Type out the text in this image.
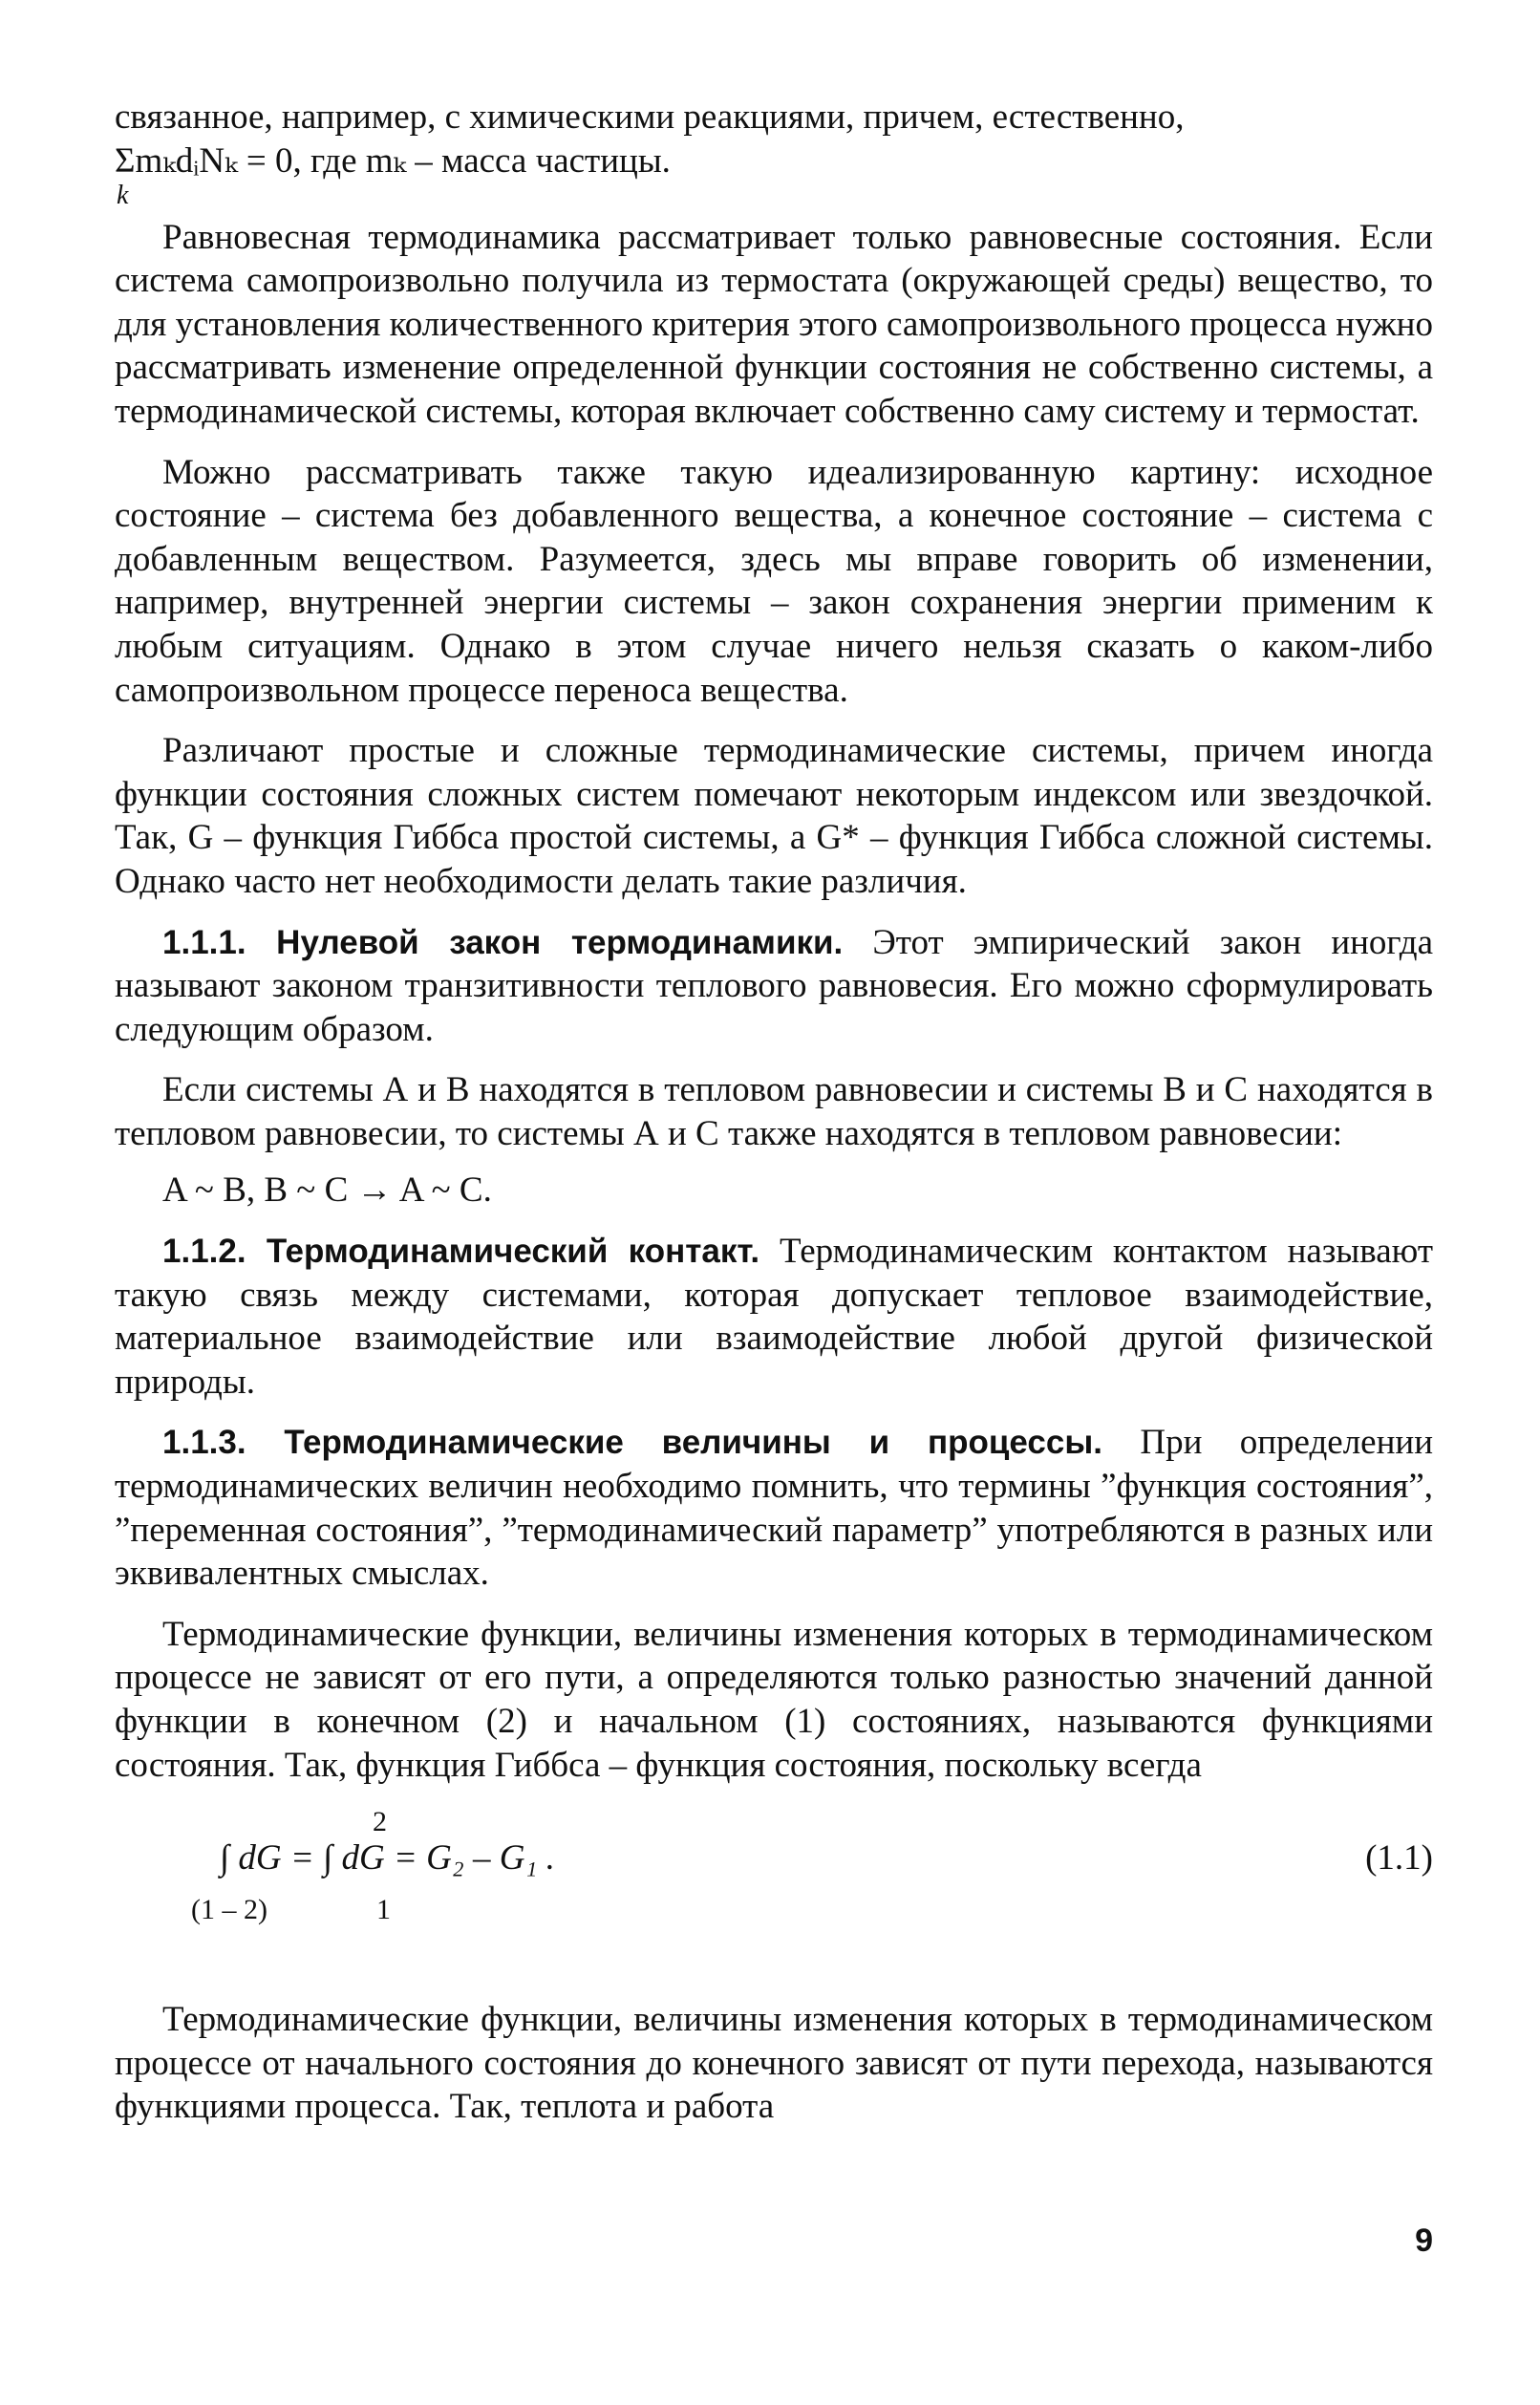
связанное, например, с химическими реакциями, причем, естественно,

ΣmₖdᵢNₖ = 0, где mₖ – масса частицы.
k

Равновесная термодинамика рассматривает только равновесные состояния. Если система самопроизвольно получила из термостата (окружающей среды) вещество, то для установления количественного критерия этого самопроизвольного процесса нужно рассматривать изменение определенной функции состояния не собственно системы, а термодинамической системы, которая включает собственно саму систему и термостат.

Можно рассматривать также такую идеализированную картину: исходное состояние – система без добавленного вещества, а конечное состояние – система с добавленным веществом. Разумеется, здесь мы вправе говорить об изменении, например, внутренней энергии системы – закон сохранения энергии применим к любым ситуациям. Однако в этом случае ничего нельзя сказать о каком-либо самопроизвольном процессе переноса вещества.

Различают простые и сложные термодинамические системы, причем иногда функции состояния сложных систем помечают некоторым индексом или звездочкой. Так, G – функция Гиббса простой системы, а G* – функция Гиббса сложной системы. Однако часто нет необходимости делать такие различия.

1.1.1. Нулевой закон термодинамики. Этот эмпирический закон иногда называют законом транзитивности теплового равновесия. Его можно сформулировать следующим образом.

Если системы А и В находятся в тепловом равновесии и системы В и С находятся в тепловом равновесии, то системы А и С также находятся в тепловом равновесии:

A ~ B, B ~ C → A ~ C.

1.1.2. Термодинамический контакт. Термодинамическим контактом называют такую связь между системами, которая допускает тепловое взаимодействие, материальное взаимодействие или взаимодействие любой другой физической природы.

1.1.3. Термодинамические величины и процессы. При определении термодинамических величин необходимо помнить, что термины ”функция состояния”, ”переменная состояния”, ”термодинамический параметр” употребляются в разных или эквивалентных смыслах.

Термодинамические функции, величины изменения которых в термодинамическом процессе не зависят от его пути, а определяются только разностью значений данной функции в конечном (2) и начальном (1) состояниях, называются функциями состояния. Так, функция Гиббса – функция состояния, поскольку всегда

2
∫ dG = ∫ dG = G₂ – G₁ .	(1.1)
(1 – 2)	1

Термодинамические функции, величины изменения которых в термодинамическом процессе от начального состояния до конечного зависят от пути перехода, называются функциями процесса. Так, теплота и работа

9
